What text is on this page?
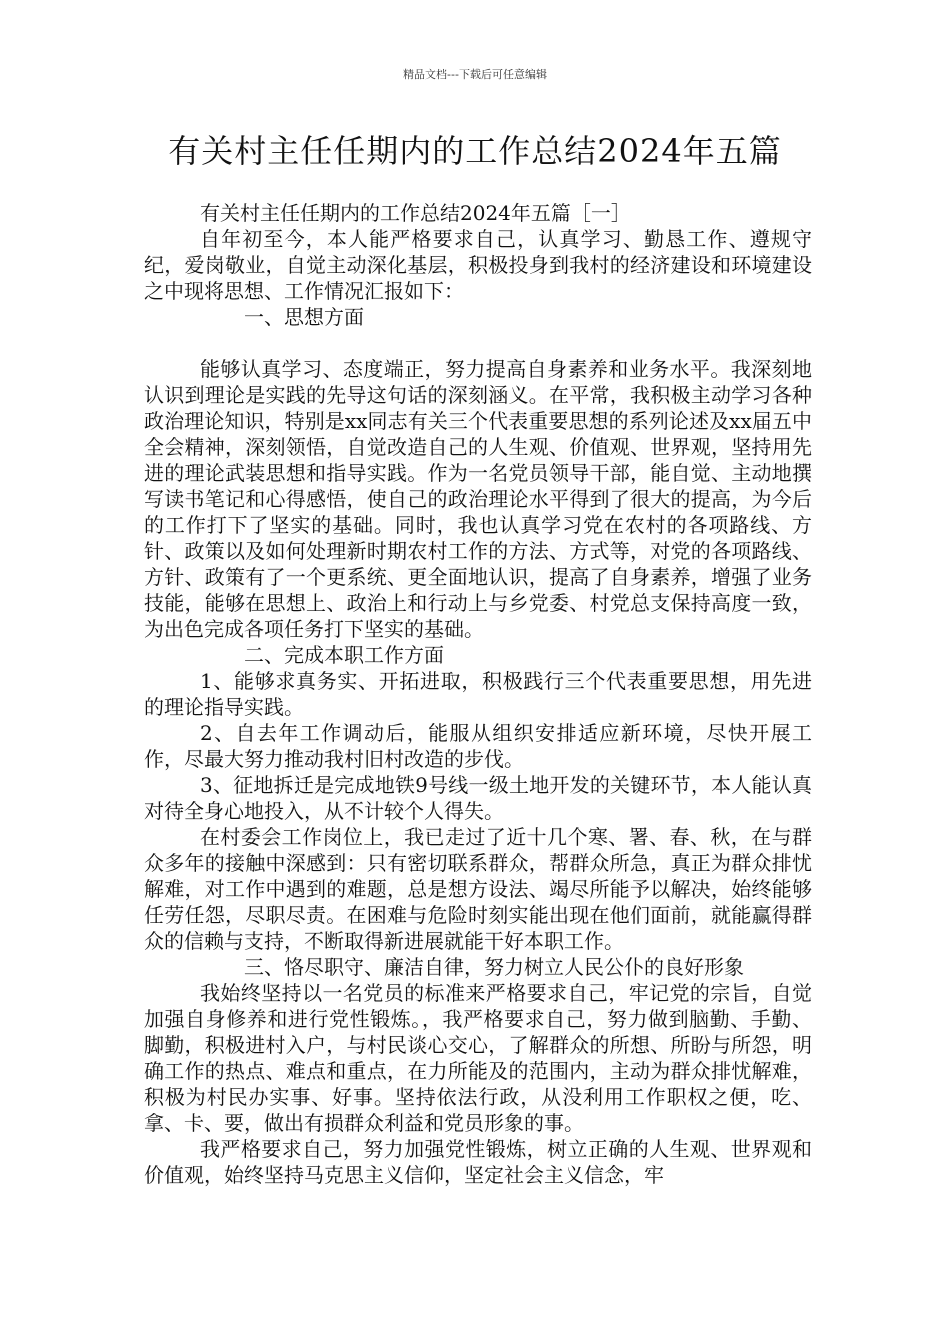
精品文档---下载后可任意编辑
有关村主任任期内的工作总结2024年五篇

有关村主任任期内的工作总结2024年五篇［一］

自年初至今，本人能严格要求自己，认真学习、勤恳工作、遵规守纪，爱岗敬业，自觉主动深化基层，积极投身到我村的经济建设和环境建设之中现将思想、工作情况汇报如下：

一、思想方面

能够认真学习、态度端正，努力提高自身素养和业务水平。我深刻地认识到理论是实践的先导这句话的深刻涵义。在平常，我积极主动学习各种政治理论知识，特别是xx同志有关三个代表重要思想的系列论述及xx届五中全会精神，深刻领悟，自觉改造自己的人生观、价值观、世界观，坚持用先进的理论武装思想和指导实践。作为一名党员领导干部，能自觉、主动地撰写读书笔记和心得感悟，使自己的政治理论水平得到了很大的提高，为今后的工作打下了坚实的基础。同时，我也认真学习党在农村的各项路线、方针、政策以及如何处理新时期农村工作的方法、方式等，对党的各项路线、方针、政策有了一个更系统、更全面地认识，提高了自身素养，增强了业务技能，能够在思想上、政治上和行动上与乡党委、村党总支保持高度一致，为出色完成各项任务打下坚实的基础。

二、完成本职工作方面

1、能够求真务实、开拓进取，积极践行三个代表重要思想，用先进的理论指导实践。

2、自去年工作调动后，能服从组织安排适应新环境，尽快开展工作，尽最大努力推动我村旧村改造的步伐。

3、征地拆迁是完成地铁9号线一级土地开发的关键环节，本人能认真对待全身心地投入，从不计较个人得失。

在村委会工作岗位上，我已走过了近十几个寒、署、春、秋，在与群众多年的接触中深感到：只有密切联系群众，帮群众所急，真正为群众排忧解难，对工作中遇到的难题，总是想方设法、竭尽所能予以解决，始终能够任劳任怨，尽职尽责。在困难与危险时刻实能出现在他们面前，就能赢得群众的信赖与支持，不断取得新进展就能干好本职工作。

三、恪尽职守、廉洁自律，努力树立人民公仆的良好形象

我始终坚持以一名党员的标准来严格要求自己，牢记党的宗旨，自觉加强自身修养和进行党性锻炼。，我严格要求自己，努力做到脑勤、手勤、脚勤，积极进村入户，与村民谈心交心，了解群众的所想、所盼与所怨，明确工作的热点、难点和重点，在力所能及的范围内，主动为群众排忧解难，积极为村民办实事、好事。坚持依法行政，从没利用工作职权之便，吃、拿、卡、要，做出有损群众利益和党员形象的事。

我严格要求自己，努力加强党性锻炼，树立正确的人生观、世界观和价值观，始终坚持马克思主义信仰，坚定社会主义信念，牢
